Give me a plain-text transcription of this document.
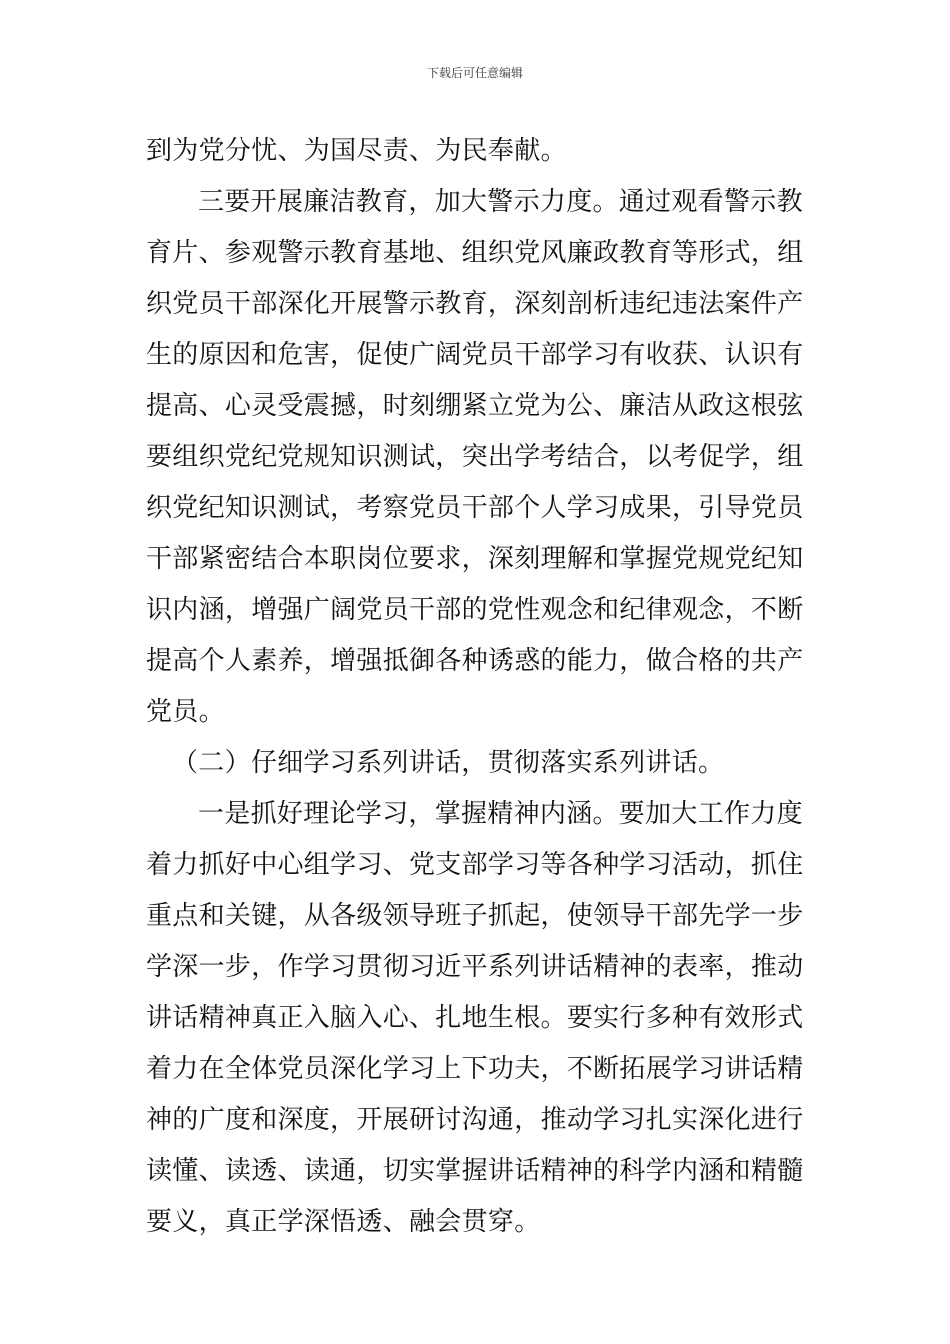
下载后可任意编辑
到为党分忧、为国尽责、为民奉献。
三要开展廉洁教育，加大警示力度。通过观看警示教
育片、参观警示教育基地、组织党风廉政教育等形式，组
织党员干部深化开展警示教育，深刻剖析违纪违法案件产
生的原因和危害，促使广阔党员干部学习有收获、认识有
提高、心灵受震撼，时刻绷紧立党为公、廉洁从政这根弦
要组织党纪党规知识测试，突出学考结合，以考促学，组
织党纪知识测试，考察党员干部个人学习成果，引导党员
干部紧密结合本职岗位要求，深刻理解和掌握党规党纪知
识内涵，增强广阔党员干部的党性观念和纪律观念，不断
提高个人素养，增强抵御各种诱惑的能力，做合格的共产
党员。
（二）仔细学习系列讲话，贯彻落实系列讲话。
一是抓好理论学习，掌握精神内涵。要加大工作力度
着力抓好中心组学习、党支部学习等各种学习活动，抓住
重点和关键，从各级领导班子抓起，使领导干部先学一步
学深一步，作学习贯彻习近平系列讲话精神的表率，推动
讲话精神真正入脑入心、扎地生根。要实行多种有效形式
着力在全体党员深化学习上下功夫，不断拓展学习讲话精
神的广度和深度，开展研讨沟通，推动学习扎实深化进行
读懂、读透、读通，切实掌握讲话精神的科学内涵和精髓
要义，真正学深悟透、融会贯穿。
